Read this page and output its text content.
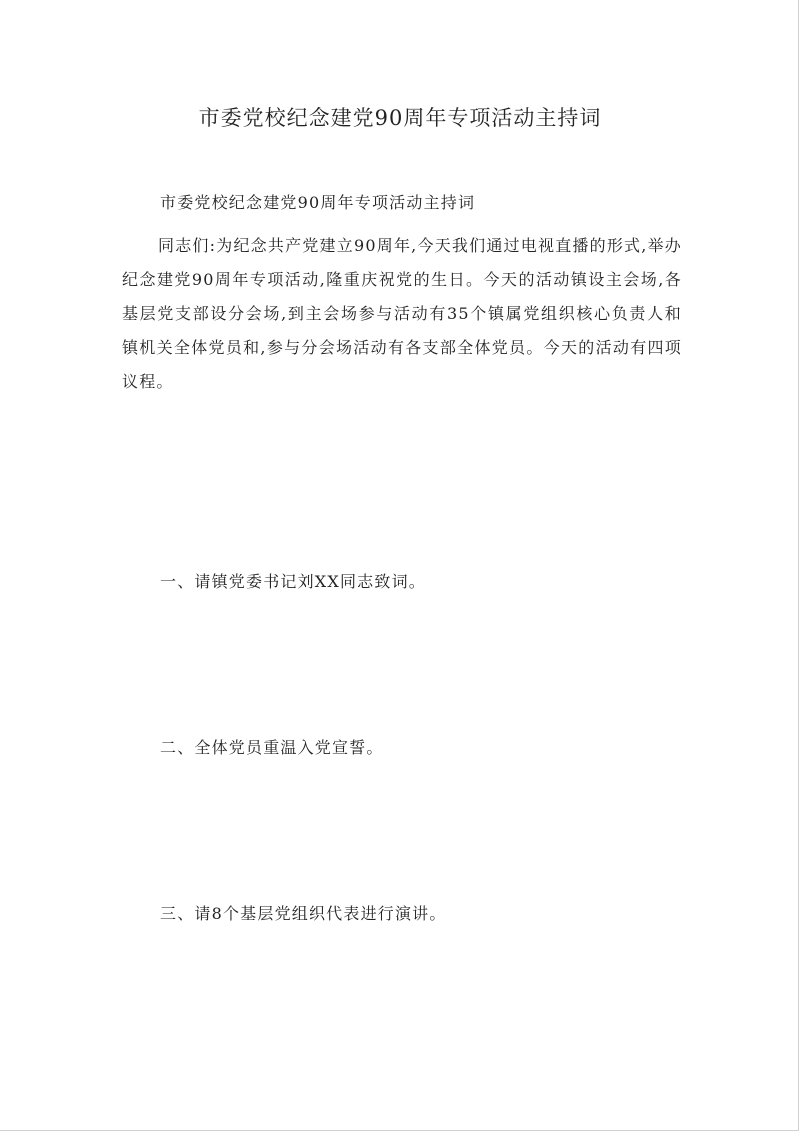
市委党校纪念建党90周年专项活动主持词
市委党校纪念建党90周年专项活动主持词
同志们:为纪念共产党建立90周年,今天我们通过电视直播的形式,举办纪念建党90周年专项活动,隆重庆祝党的生日。今天的活动镇设主会场,各基层党支部设分会场,到主会场参与活动有35个镇属党组织核心负责人和镇机关全体党员和,参与分会场活动有各支部全体党员。今天的活动有四项议程。
一、请镇党委书记刘XX同志致词。
二、全体党员重温入党宣誓。
三、请8个基层党组织代表进行演讲。
